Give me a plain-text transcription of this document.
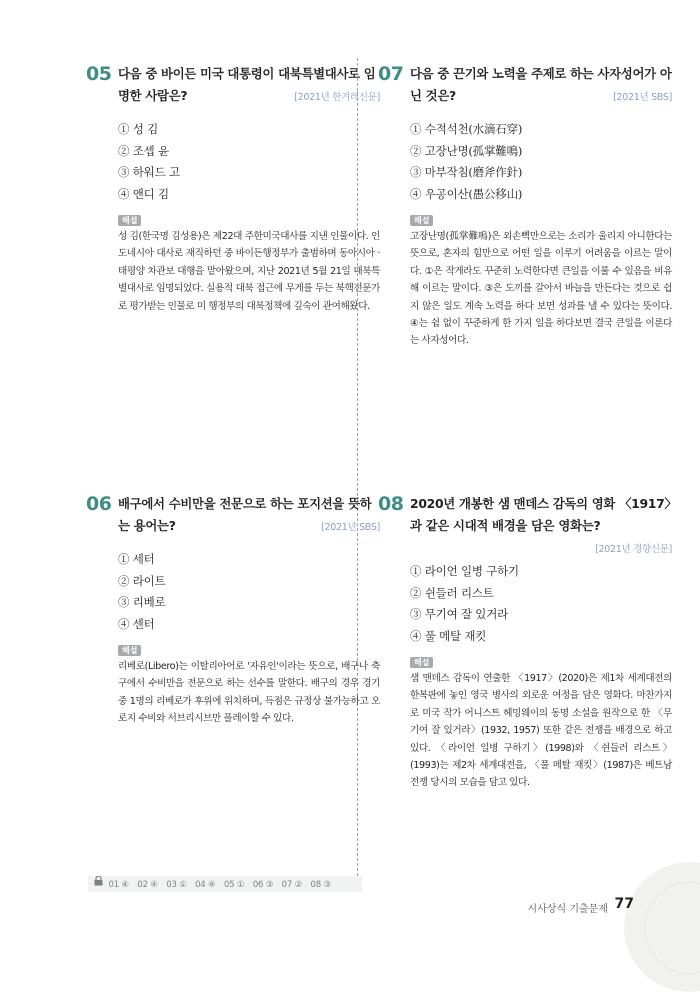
05 다음 중 바이든 미국 대통령이 대북특별대사로 임명한 사람은?	[2021년 한겨레신문]
① 성 김
② 조셉 윤
③ 하워드 고
④ 앤디 김
해설

성 김(한국명 김성용)은 제22대 주한미국대사를 지낸 인물이다. 인도네시아 대사로 재직하던 중 바이든행정부가 출범하며 동아시아 · 태평양 차관보 대행을 맡아왔으며, 지난 2021년 5월 21일 대북특별대사로 임명되었다. 실용적 대북 접근에 무게를 두는 북핵전문가로 평가받는 인물로 미 행정부의 대북정책에 깊숙이 관여해왔다.

07 다음 중 끈기와 노력을 주제로 하는 사자성어가 아닌 것은?	[2021년 SBS]
① 수적석천(水滴石穿)
② 고장난명(孤掌難鳴)
③ 마부작침(磨斧作針)
④ 우공이산(愚公移山)
해설

고장난명(孤掌難鳴)은 외손뼉만으로는 소리가 울리지 아니한다는 뜻으로, 혼자의 힘만으로 어떤 일을 이루기 어려움을 이르는 말이다. ①은 작게라도 꾸준히 노력한다면 큰일을 이룰 수 있음을 비유해 이르는 말이다. ③은 도끼를 갈아서 바늘을 만든다는 것으로 쉽지 않은 일도 계속 노력을 하다 보면 성과를 낼 수 있다는 뜻이다. ④는 쉼 없이 꾸준하게 한 가지 일을 하다보면 결국 큰일을 이룬다는 사자성어다.

06 배구에서 수비만을 전문으로 하는 포지션을 뜻하는 용어는?	[2021년 SBS]
① 세터
② 라이트
③ 리베로
④ 센터
해설

리베로(Libero)는 이탈리아어로 '자유인'이라는 뜻으로, 배구나 축구에서 수비만을 전문으로 하는 선수를 말한다. 배구의 경우 경기 중 1명의 리베로가 후위에 위치하며, 득점은 규정상 불가능하고 오로지 수비와 서브리시브만 플레이할 수 있다.

08 2020년 개봉한 샘 맨데스 감독의 영화 〈1917〉과 같은 시대적 배경을 담은 영화는?

[2021년 경향신문]
① 라이언 일병 구하기
② 쉰들러 리스트
③ 무기여 잘 있거라
④ 풀 메탈 재킷
해설

샘 맨데스 감독이 연출한 〈1917〉(2020)은 제1차 세계대전의 한복판에 놓인 영국 병사의 외로운 여정을 담은 영화다. 마찬가지로 미국 작가 어니스트 헤밍웨이의 동명 소설을 원작으로 한 〈무기여 잘 있거라〉(1932, 1957) 또한 같은 전쟁을 배경으로 하고 있다. 〈라이언 일병 구하기〉(1998)와 〈쉰들러 리스트〉(1993)는 제2차 세계대전을, 〈풀 메탈 재킷〉(1987)은 베트남 전쟁 당시의 모습을 담고 있다.

01 ④ 02 ④ 03 ① 04 ④ 05 ① 06 ③ 07 ② 08 ③
시사상식 기출문제 77
